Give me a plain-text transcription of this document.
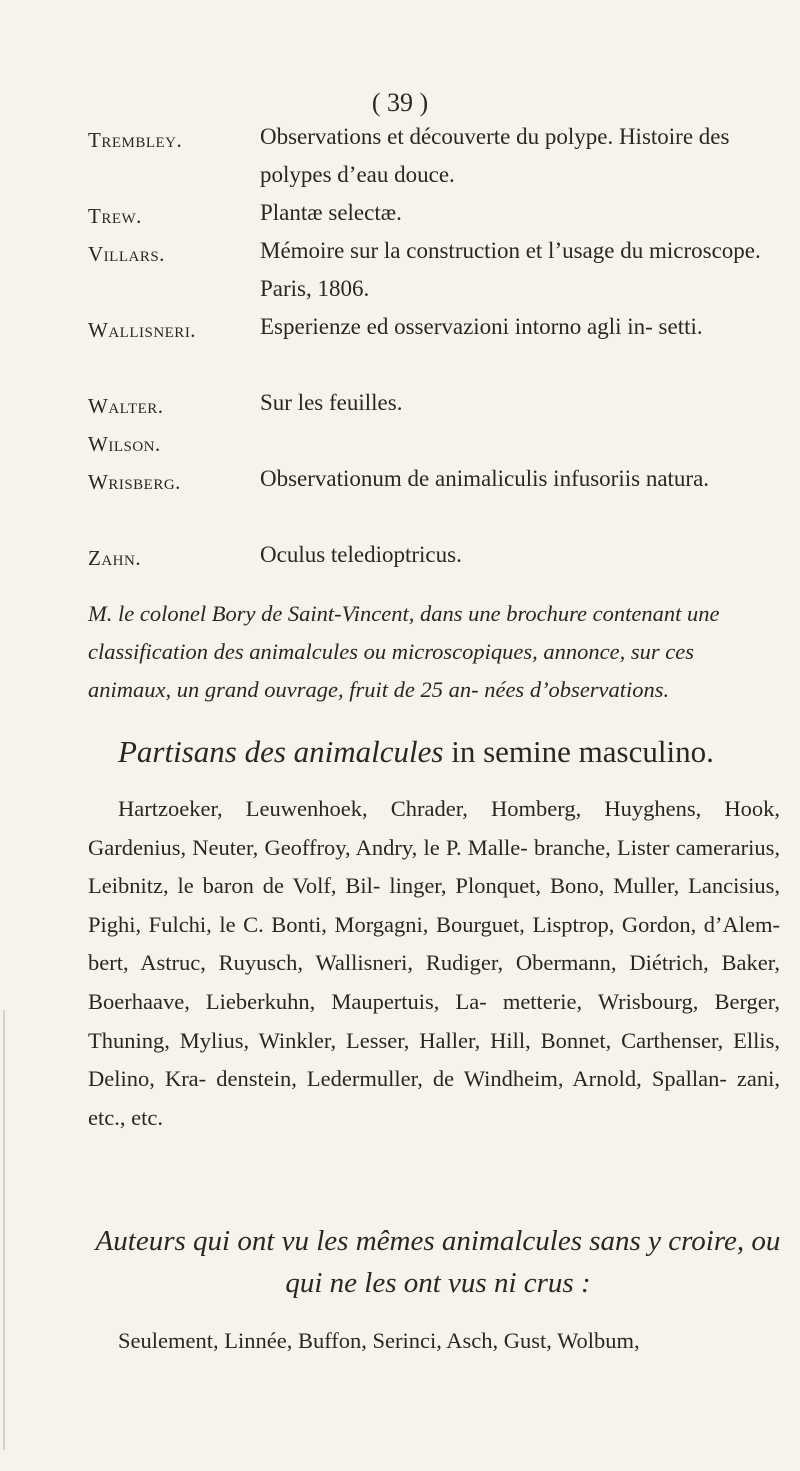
( 39 )
Trembley.	Observations et découverte du polype. Histoire des polypes d’eau douce.
Trew.	Plantæ selectæ.
Villars.	Mémoire sur la construction et l’usage du microscope. Paris, 1806.
Wallisneri.	Esperienze ed osservazioni intorno agli in- setti.
Walter.	Sur les feuilles.
Wilson.
Wrisberg.	Observationum de animaliculis infusoriis natura.
Zahn.	Oculus teledioptricus.
M. le colonel Bory de Saint-Vincent, dans une brochure contenant une classification des animalcules ou microscopiques, annonce, sur ces animaux, un grand ouvrage, fruit de 25 an- nées d’observations.
Partisans des animalcules in semine masculino.
Hartzoeker, Leuwenhoek, Chrader, Homberg, Huyghens, Hook, Gardenius, Neuter, Geoffroy, Andry, le P. Malle- branche, Lister camerarius, Leibnitz, le baron de Volf, Bil- linger, Plonquet, Bono, Muller, Lancisius, Pighi, Fulchi, le C. Bonti, Morgagni, Bourguet, Lisptrop, Gordon, d’Alem- bert, Astruc, Ruyusch, Wallisneri, Rudiger, Obermann, Diétrich, Baker, Boerhaave, Lieberkuhn, Maupertuis, La- metterie, Wrisbourg, Berger, Thuning, Mylius, Winkler, Lesser, Haller, Hill, Bonnet, Carthenser, Ellis, Delino, Kra- denstein, Ledermuller, de Windheim, Arnold, Spallan- zani, etc., etc.
Auteurs qui ont vu les mêmes animalcules sans y croire, ou qui ne les ont vus ni crus :
Seulement, Linnée, Buffon, Serinci, Asch, Gust, Wolbum,
